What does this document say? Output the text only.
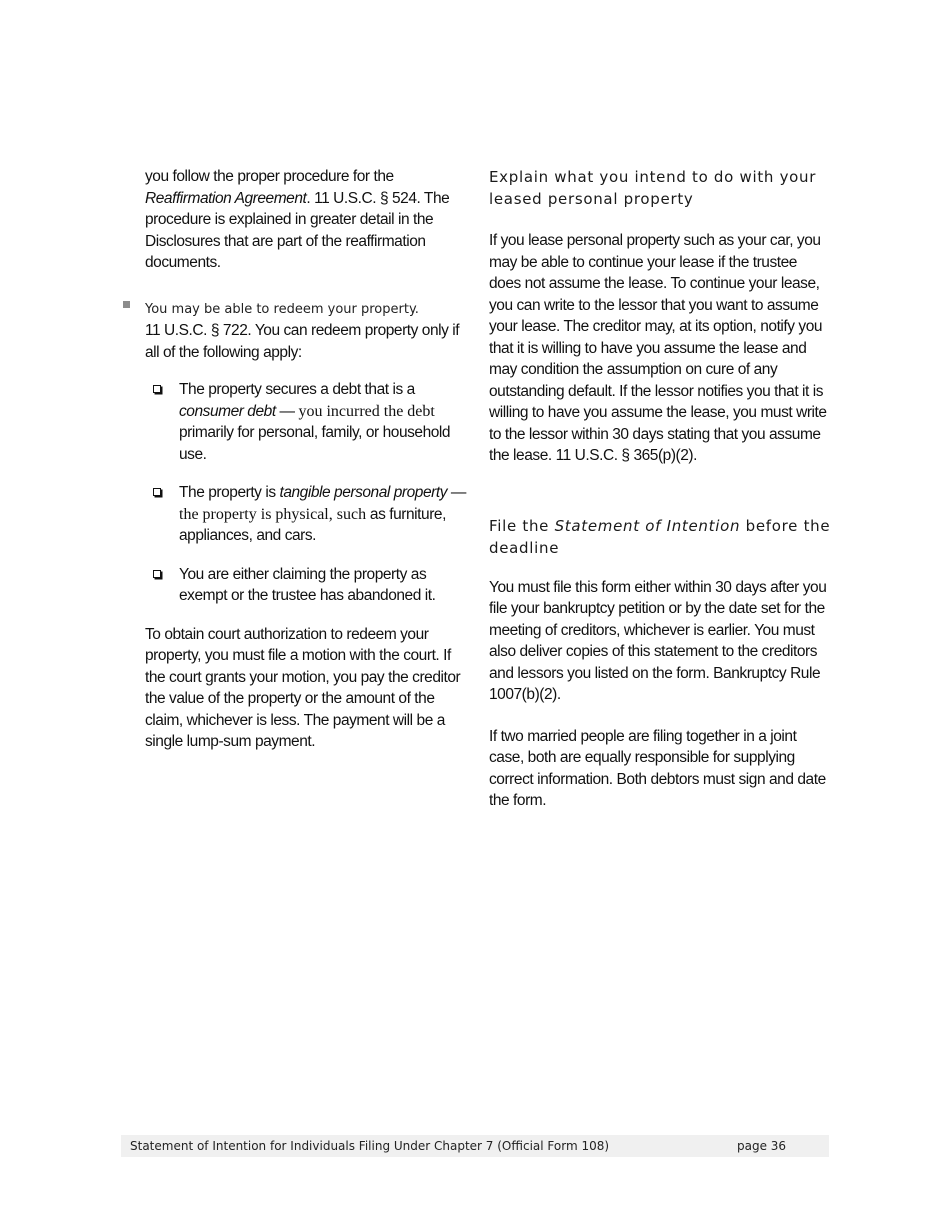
you follow the proper procedure for the Reaffirmation Agreement. 11 U.S.C. § 524. The procedure is explained in greater detail in the Disclosures that are part of the reaffirmation documents.

You may be able to redeem your property.
11 U.S.C. § 722. You can redeem property only if all of the following apply:
The property secures a debt that is a consumer debt — you incurred the debt primarily for personal, family, or household use.
The property is tangible personal property — the property is physical, such as furniture, appliances, and cars.
You are either claiming the property as exempt or the trustee has abandoned it.

To obtain court authorization to redeem your property, you must file a motion with the court. If the court grants your motion, you pay the creditor the value of the property or the amount of the claim, whichever is less. The payment will be a single lump-sum payment.

Explain what you intend to do with your leased personal property

If you lease personal property such as your car, you may be able to continue your lease if the trustee does not assume the lease. To continue your lease, you can write to the lessor that you want to assume your lease. The creditor may, at its option, notify you that it is willing to have you assume the lease and may condition the assumption on cure of any outstanding default. If the lessor notifies you that it is willing to have you assume the lease, you must write to the lessor within 30 days stating that you assume the lease. 11 U.S.C. § 365(p)(2).

File the Statement of Intention before the deadline

You must file this form either within 30 days after you file your bankruptcy petition or by the date set for the meeting of creditors, whichever is earlier. You must also deliver copies of this statement to the creditors and lessors you listed on the form. Bankruptcy Rule 1007(b)(2).

If two married people are filing together in a joint case, both are equally responsible for supplying correct information. Both debtors must sign and date the form.

Statement of Intention for Individuals Filing Under Chapter 7 (Official Form 108)	page 36
